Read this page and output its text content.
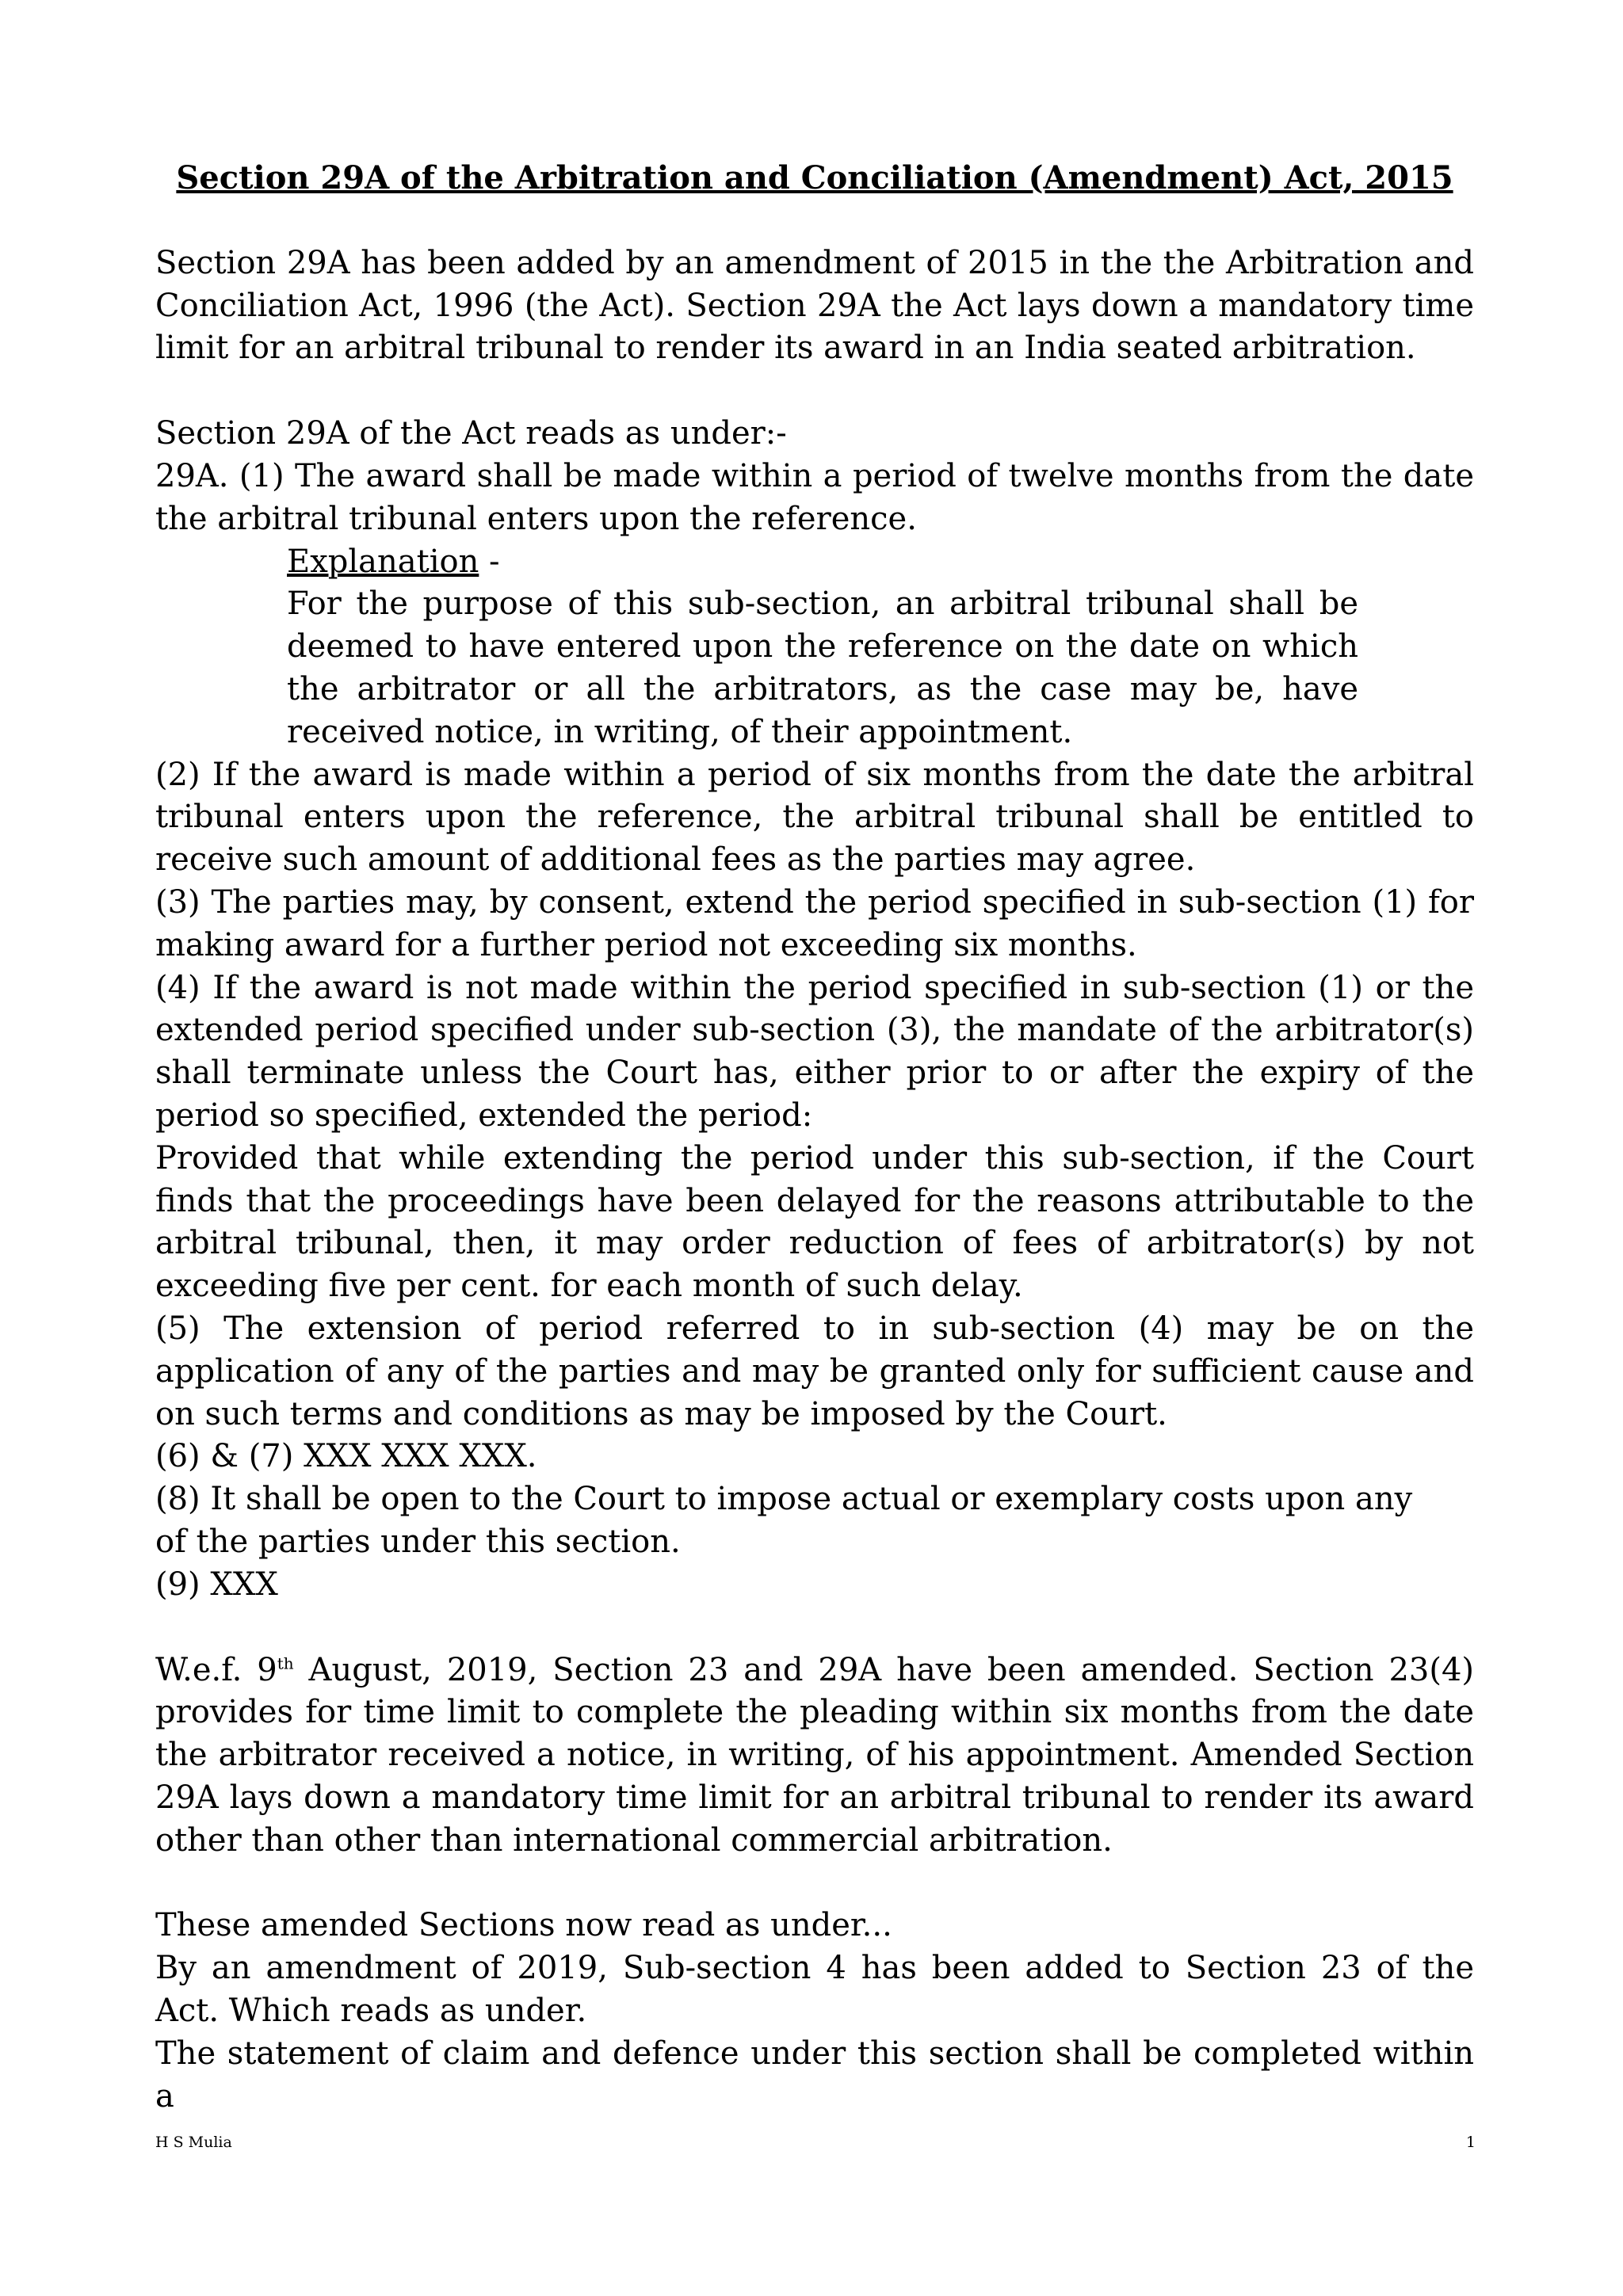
Section 29A of the Arbitration and Conciliation (Amendment) Act, 2015

Section 29A has been added by an amendment of 2015 in the the Arbitration and Conciliation Act, 1996 (the Act). Section 29A the Act lays down a mandatory time limit for an arbitral tribunal to render its award in an India seated arbitration.

Section 29A of the Act reads as under:-

29A. (1) The award shall be made within a period of twelve months from the date the arbitral tribunal enters upon the reference.

Explanation -

For the purpose of this sub-section, an arbitral tribunal shall be deemed to have entered upon the reference on the date on which the arbitrator or all the arbitrators, as the case may be, have received notice, in writing, of their appointment.

(2) If the award is made within a period of six months from the date the arbitral tribunal enters upon the reference, the arbitral tribunal shall be entitled to receive such amount of additional fees as the parties may agree.

(3) The parties may, by consent, extend the period specified in sub-section (1) for making award for a further period not exceeding six months.

(4) If the award is not made within the period specified in sub-section (1) or the extended period specified under sub-section (3), the mandate of the arbitrator(s) shall terminate unless the Court has, either prior to or after the expiry of the period so specified, extended the period:

Provided that while extending the period under this sub-section, if the Court finds that the proceedings have been delayed for the reasons attributable to the arbitral tribunal, then, it may order reduction of fees of arbitrator(s) by not exceeding five per cent. for each month of such delay.

(5) The extension of period referred to in sub-section (4) may be on the application of any of the parties and may be granted only for sufficient cause and on such terms and conditions as may be imposed by the Court.

(6) & (7) XXX XXX XXX.

(8) It shall be open to the Court to impose actual or exemplary costs upon any

of the parties under this section.

(9) XXX

W.e.f. 9th August, 2019, Section 23 and 29A have been amended. Section 23(4) provides for time limit to complete the pleading within six months from the date the arbitrator received a notice, in writing, of his appointment. Amended Section 29A lays down a mandatory time limit for an arbitral tribunal to render its award other than other than international commercial arbitration.

These amended Sections now read as under...

By an amendment of 2019, Sub-section 4 has been added to Section 23 of the Act. Which reads as under.

The statement of claim and defence under this section shall be completed within a

H S Mulia	1
